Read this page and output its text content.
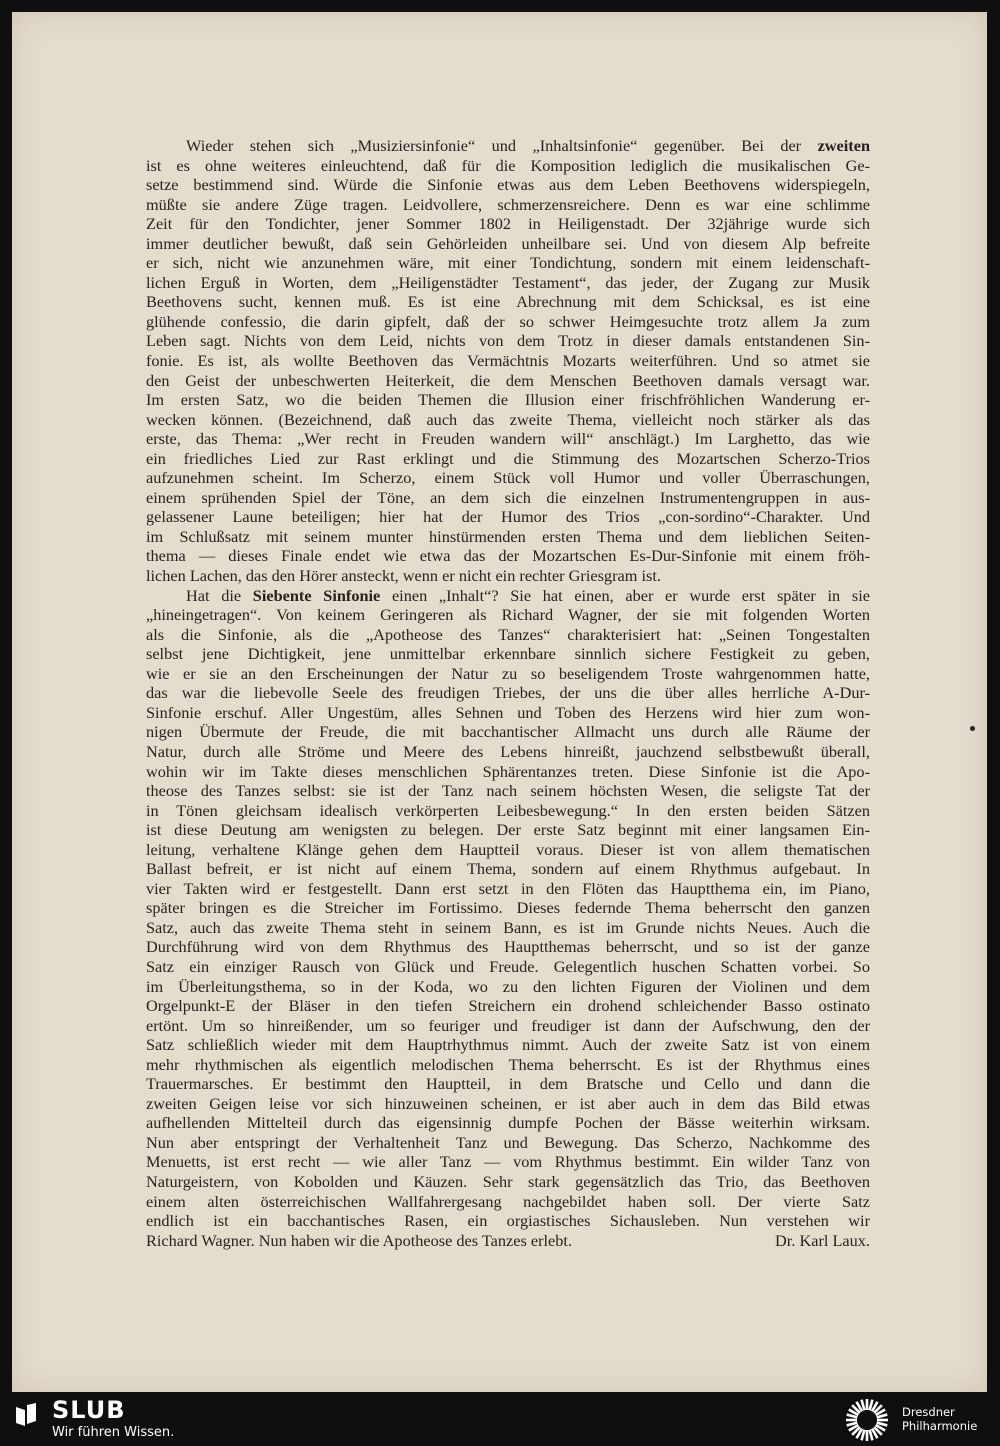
Wieder stehen sich „Musiziersinfonie“ und „Inhaltsinfonie“ gegenüber. Bei der zweiten
ist es ohne weiteres einleuchtend, daß für die Komposition lediglich die musikalischen Ge-
setze bestimmend sind. Würde die Sinfonie etwas aus dem Leben Beethovens widerspiegeln,
müßte sie andere Züge tragen. Leidvollere, schmerzensreichere. Denn es war eine schlimme
Zeit für den Tondichter, jener Sommer 1802 in Heiligenstadt. Der 32jährige wurde sich
immer deutlicher bewußt, daß sein Gehörleiden unheilbare sei. Und von diesem Alp befreite
er sich, nicht wie anzunehmen wäre, mit einer Tondichtung, sondern mit einem leidenschaft-
lichen Erguß in Worten, dem „Heiligenstädter Testament“, das jeder, der Zugang zur Musik
Beethovens sucht, kennen muß. Es ist eine Abrechnung mit dem Schicksal, es ist eine
glühende confessio, die darin gipfelt, daß der so schwer Heimgesuchte trotz allem Ja zum
Leben sagt. Nichts von dem Leid, nichts von dem Trotz in dieser damals entstandenen Sin-
fonie. Es ist, als wollte Beethoven das Vermächtnis Mozarts weiterführen. Und so atmet sie
den Geist der unbeschwerten Heiterkeit, die dem Menschen Beethoven damals versagt war.
Im ersten Satz, wo die beiden Themen die Illusion einer frischfröhlichen Wanderung er-
wecken können. (Bezeichnend, daß auch das zweite Thema, vielleicht noch stärker als das
erste, das Thema: „Wer recht in Freuden wandern will“ anschlägt.) Im Larghetto, das wie
ein friedliches Lied zur Rast erklingt und die Stimmung des Mozartschen Scherzo-Trios
aufzunehmen scheint. Im Scherzo, einem Stück voll Humor und voller Überraschungen,
einem sprühenden Spiel der Töne, an dem sich die einzelnen Instrumentengruppen in aus-
gelassener Laune beteiligen; hier hat der Humor des Trios „con-sordino“-Charakter. Und
im Schlußsatz mit seinem munter hinstürmenden ersten Thema und dem lieblichen Seiten-
thema — dieses Finale endet wie etwa das der Mozartschen Es-Dur-Sinfonie mit einem fröh-
lichen Lachen, das den Hörer ansteckt, wenn er nicht ein rechter Griesgram ist.
Hat die Siebente Sinfonie einen „Inhalt“? Sie hat einen, aber er wurde erst später in sie
„hineingetragen“. Von keinem Geringeren als Richard Wagner, der sie mit folgenden Worten
als die Sinfonie, als die „Apotheose des Tanzes“ charakterisiert hat: „Seinen Tongestalten
selbst jene Dichtigkeit, jene unmittelbar erkennbare sinnlich sichere Festigkeit zu geben,
wie er sie an den Erscheinungen der Natur zu so beseligendem Troste wahrgenommen hatte,
das war die liebevolle Seele des freudigen Triebes, der uns die über alles herrliche A-Dur-
Sinfonie erschuf. Aller Ungestüm, alles Sehnen und Toben des Herzens wird hier zum won-
nigen Übermute der Freude, die mit bacchantischer Allmacht uns durch alle Räume der
Natur, durch alle Ströme und Meere des Lebens hinreißt, jauchzend selbstbewußt überall,
wohin wir im Takte dieses menschlichen Sphärentanzes treten. Diese Sinfonie ist die Apo-
theose des Tanzes selbst: sie ist der Tanz nach seinem höchsten Wesen, die seligste Tat der
in Tönen gleichsam idealisch verkörperten Leibesbewegung.“ In den ersten beiden Sätzen
ist diese Deutung am wenigsten zu belegen. Der erste Satz beginnt mit einer langsamen Ein-
leitung, verhaltene Klänge gehen dem Hauptteil voraus. Dieser ist von allem thematischen
Ballast befreit, er ist nicht auf einem Thema, sondern auf einem Rhythmus aufgebaut. In
vier Takten wird er festgestellt. Dann erst setzt in den Flöten das Hauptthema ein, im Piano,
später bringen es die Streicher im Fortissimo. Dieses federnde Thema beherrscht den ganzen
Satz, auch das zweite Thema steht in seinem Bann, es ist im Grunde nichts Neues. Auch die
Durchführung wird von dem Rhythmus des Hauptthemas beherrscht, und so ist der ganze
Satz ein einziger Rausch von Glück und Freude. Gelegentlich huschen Schatten vorbei. So
im Überleitungsthema, so in der Koda, wo zu den lichten Figuren der Violinen und dem
Orgelpunkt-E der Bläser in den tiefen Streichern ein drohend schleichender Basso ostinato
ertönt. Um so hinreißender, um so feuriger und freudiger ist dann der Aufschwung, den der
Satz schließlich wieder mit dem Hauptrhythmus nimmt. Auch der zweite Satz ist von einem
mehr rhythmischen als eigentlich melodischen Thema beherrscht. Es ist der Rhythmus eines
Trauermarsches. Er bestimmt den Hauptteil, in dem Bratsche und Cello und dann die
zweiten Geigen leise vor sich hinzuweinen scheinen, er ist aber auch in dem das Bild etwas
aufhellenden Mittelteil durch das eigensinnig dumpfe Pochen der Bässe weiterhin wirksam.
Nun aber entspringt der Verhaltenheit Tanz und Bewegung. Das Scherzo, Nachkomme des
Menuetts, ist erst recht — wie aller Tanz — vom Rhythmus bestimmt. Ein wilder Tanz von
Naturgeistern, von Kobolden und Käuzen. Sehr stark gegensätzlich das Trio, das Beethoven
einem alten österreichischen Wallfahrergesang nachgebildet haben soll. Der vierte Satz
endlich ist ein bacchantisches Rasen, ein orgiastisches Sichausleben. Nun verstehen wir
Richard Wagner. Nun haben wir die Apotheose des Tanzes erlebt.	Dr. Karl Laux.
SLUB
Wir führen Wissen.
Dresdner
Philharmonie
